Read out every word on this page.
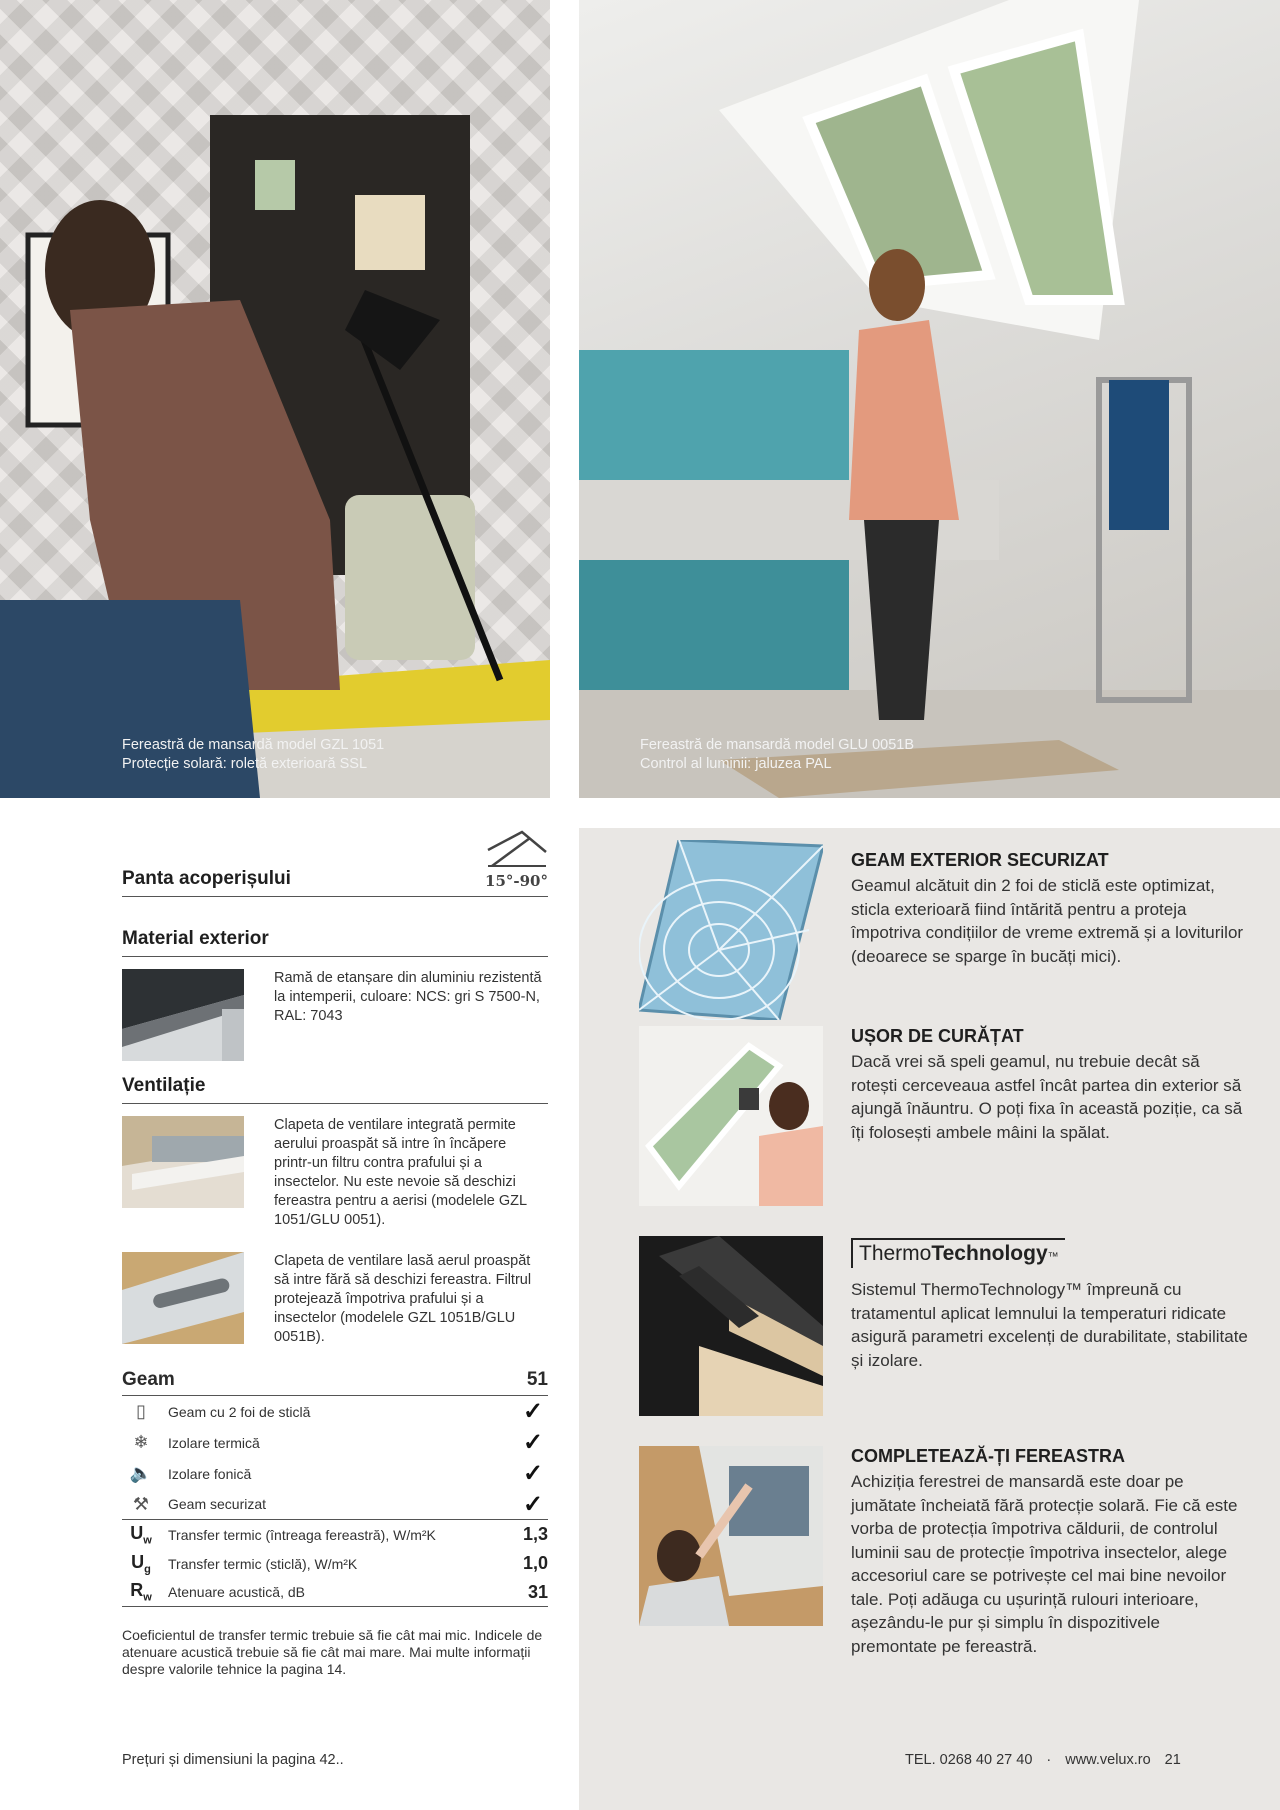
Fereastră de mansardă model GZL 1051
Protecție solară: roletă exterioară SSL
Fereastră de mansardă model GLU 0051B
Control al luminii: jaluzea PAL
Panta acoperișului	15°-90°
Material exterior
Ramă de etanșare din aluminiu rezistentă la intemperii, culoare: NCS: gri S 7500-N, RAL: 7043
Ventilație
Clapeta de ventilare integrată permite aerului proaspăt să intre în încăpere printr-un filtru contra prafului și a insectelor. Nu este nevoie să deschizi fereastra pentru a aerisi (modelele GZL 1051/GLU 0051).
Clapeta de ventilare lasă aerul proaspăt să intre fără să deschizi fereastra. Filtrul protejează împotriva prafului și a insectelor (modelele GZL 1051B/GLU 0051B).
Geam	51
▯	Geam cu 2 foi de sticlă	✓
❄	Izolare termică	✓
🔈	Izolare fonică	✓
⚒	Geam securizat	✓
$U_w$	Transfer termic (întreaga fereastră), W/m²K	1,3
$U_g$	Transfer termic (sticlă), W/m²K	1,0
$R_w$	Atenuare acustică, dB	31
Coeficientul de transfer termic trebuie să fie cât mai mic. Indicele de atenuare acustică trebuie să fie cât mai mare. Mai multe informații despre valorile tehnice la pagina 14.
GEAM EXTERIOR SECURIZAT
Geamul alcătuit din 2 foi de sticlă este optimizat, sticla exterioară fiind întărită pentru a proteja împotriva condițiilor de vreme extremă și a loviturilor (deoarece se sparge în bucăți mici).
UȘOR DE CURĂȚAT
Dacă vrei să speli geamul, nu trebuie decât să rotești cerceveaua astfel încât partea din exterior să ajungă înăuntru. O poți fixa în această poziție, ca să îți folosești ambele mâini la spălat.
Thermo Technology ™
Sistemul ThermoTechnology™ împreună cu tratamentul aplicat lemnului la temperaturi ridicate asigură parametri excelenți de durabilitate, stabilitate și izolare.
COMPLETEAZĂ-ȚI FEREASTRA
Achiziția ferestrei de mansardă este doar pe jumătate încheiată fără protecție solară. Fie că este vorba de protecția împotriva căldurii, de controlul luminii sau de protecție împotriva insectelor, alege accesoriul care se potrivește cel mai bine nevoilor tale. Poți adăuga cu ușurință rulouri interioare, așezându-le pur și simplu în dispozitivele premontate pe fereastră.
Prețuri și dimensiuni la pagina 42..	TEL. 0268 40 27 40 · www.velux.ro 21
